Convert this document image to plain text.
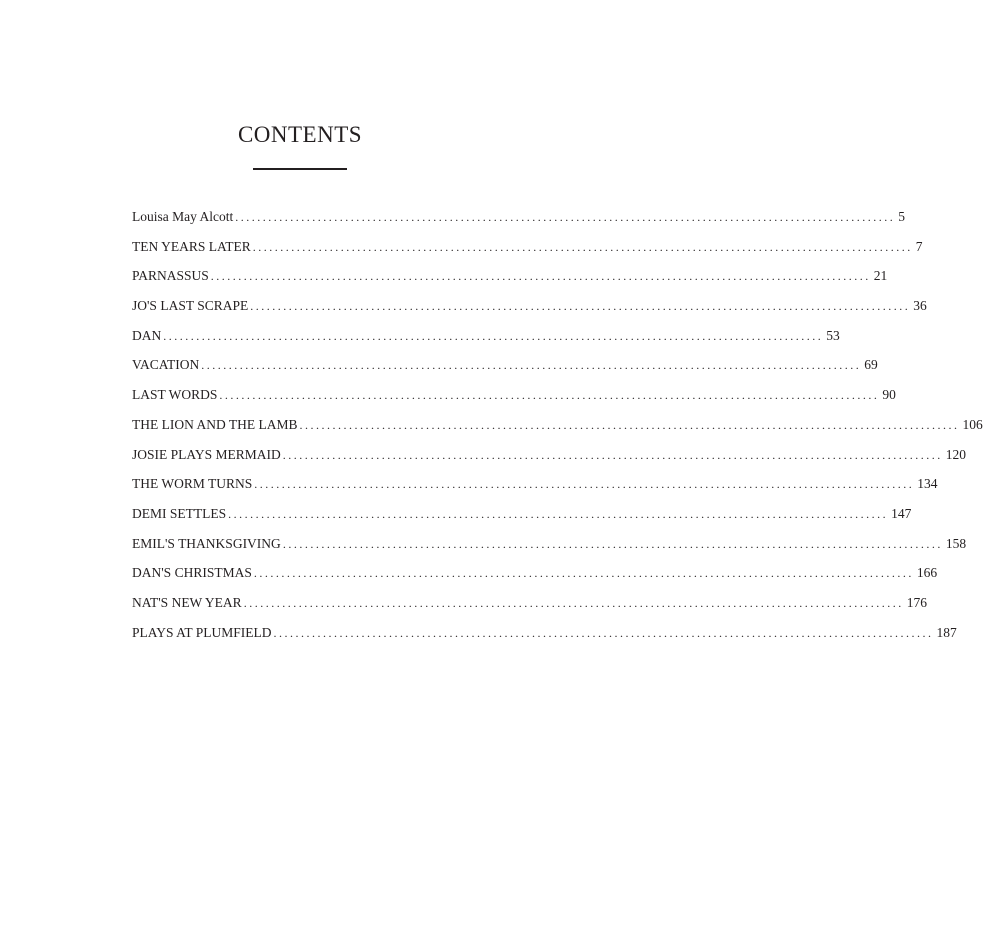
CONTENTS
Louisa May Alcott ........................................................................................................................ 5
TEN YEARS LATER ........................................................................................................................ 7
PARNASSUS ........................................................................................................................ 21
JO'S LAST SCRAPE ........................................................................................................................ 36
DAN ........................................................................................................................ 53
VACATION ........................................................................................................................ 69
LAST WORDS ........................................................................................................................ 90
THE LION AND THE LAMB ........................................................................................................................ 106
JOSIE PLAYS MERMAID ........................................................................................................................ 120
THE WORM TURNS ........................................................................................................................ 134
DEMI SETTLES ........................................................................................................................ 147
EMIL'S THANKSGIVING ........................................................................................................................ 158
DAN'S CHRISTMAS ........................................................................................................................ 166
NAT'S NEW YEAR ........................................................................................................................ 176
PLAYS AT PLUMFIELD ........................................................................................................................ 187
